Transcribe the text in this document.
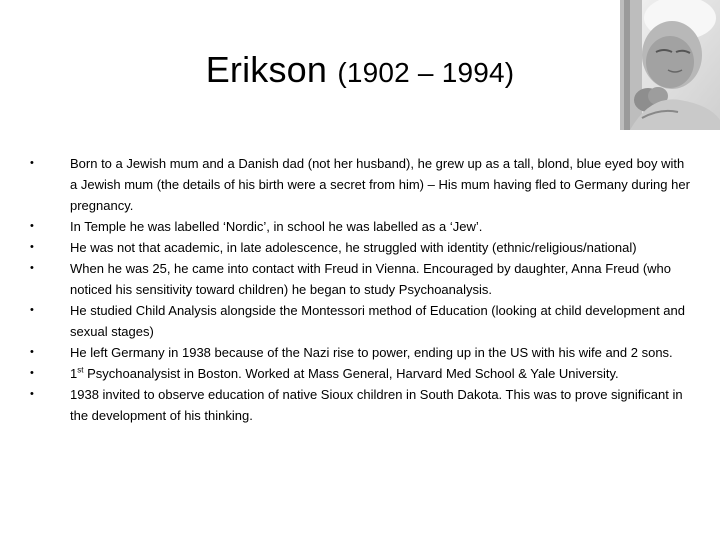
Erikson (1902 – 1994)
•	Born to a Jewish mum and a Danish dad (not her husband), he grew up as a tall, blond, blue eyed boy with a Jewish mum (the details of his birth were a secret from him) – His mum having fled to Germany during her pregnancy.
•	In Temple he was labelled ‘Nordic’, in school he was labelled as a ‘Jew’.
•	He was not that academic, in late adolescence, he struggled with identity (ethnic/religious/national)
•	When he was 25, he came into contact with Freud in Vienna. Encouraged by daughter, Anna Freud (who noticed his sensitivity toward children) he began to study Psychoanalysis.
•	He studied Child Analysis alongside the Montessori method of Education (looking at child development and sexual stages)
•	He left Germany in 1938 because of the Nazi rise to power, ending up in the US with his wife and 2 sons.
•	1st Psychoanalysist in Boston. Worked at Mass General, Harvard Med School & Yale University.
•	1938 invited to observe education of native Sioux children in South Dakota. This was to prove significant in the development of his thinking.
